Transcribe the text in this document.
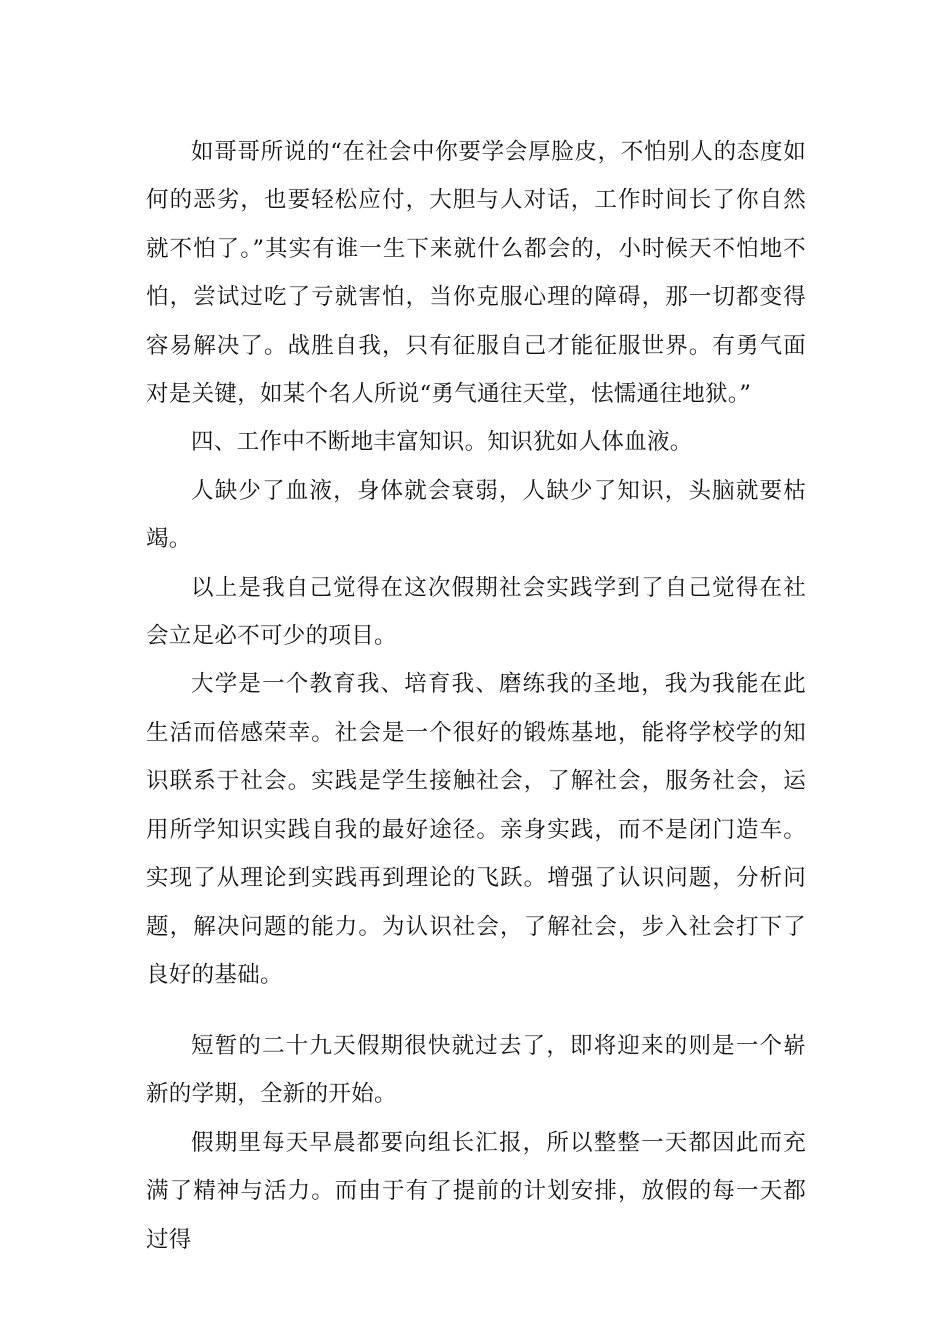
如哥哥所说的“在社会中你要学会厚脸皮，不怕别人的态度如何的恶劣，也要轻松应付，大胆与人对话，工作时间长了你自然就不怕了。”其实有谁一生下来就什么都会的，小时候天不怕地不怕，尝试过吃了亏就害怕，当你克服心理的障碍，那一切都变得容易解决了。战胜自我，只有征服自己才能征服世界。有勇气面对是关键，如某个名人所说“勇气通往天堂，怯懦通往地狱。”

四、工作中不断地丰富知识。知识犹如人体血液。

人缺少了血液，身体就会衰弱，人缺少了知识，头脑就要枯竭。

以上是我自己觉得在这次假期社会实践学到了自己觉得在社会立足必不可少的项目。

大学是一个教育我、培育我、磨练我的圣地，我为我能在此生活而倍感荣幸。社会是一个很好的锻炼基地，能将学校学的知识联系于社会。实践是学生接触社会，了解社会，服务社会，运用所学知识实践自我的最好途径。亲身实践，而不是闭门造车。实现了从理论到实践再到理论的飞跃。增强了认识问题，分析问题，解决问题的能力。为认识社会，了解社会，步入社会打下了良好的基础。

短暂的二十九天假期很快就过去了，即将迎来的则是一个崭新的学期，全新的开始。

假期里每天早晨都要向组长汇报，所以整整一天都因此而充满了精神与活力。而由于有了提前的计划安排，放假的每一天都过得
